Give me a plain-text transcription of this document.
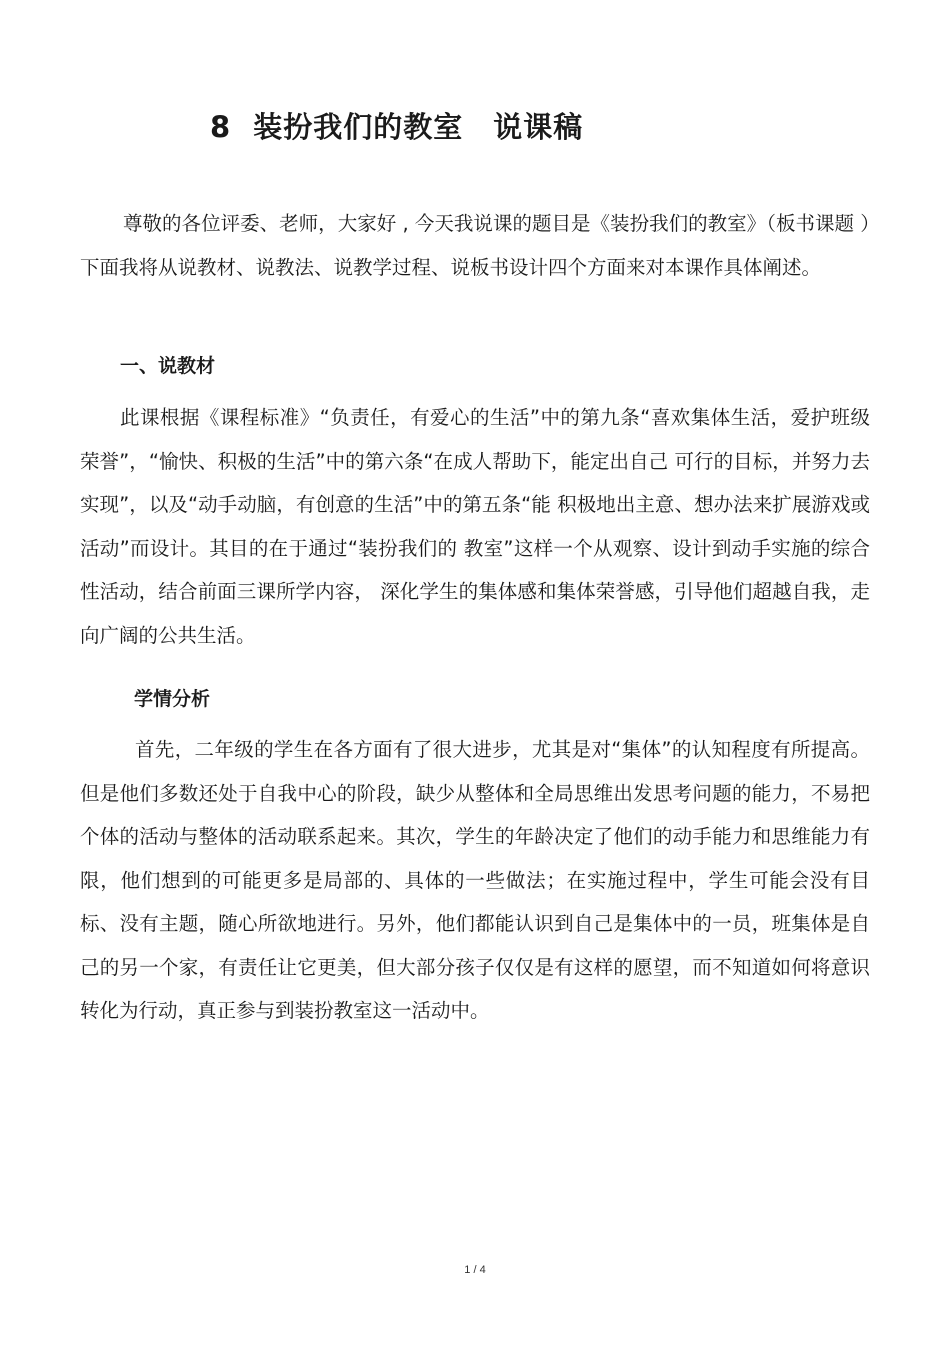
8 装扮我们的教室 说课稿

尊敬的各位评委、老师，大家好 , 今天我说课的题目是《装扮我们的教室》（板书课题 ）下面我将从说教材、说教法、说教学过程、说板书设计四个方面来对本课作具体阐述。

一、说教材

此课根据《课程标准》“负责任，有爱心的生活”中的第九条“喜欢集体生活，爱护班级荣誉”，“愉快、积极的生活”中的第六条“在成人帮助下，能定出自己 可行的目标，并努力去实现”，以及“动手动脑，有创意的生活”中的第五条“能 积极地出主意、想办法来扩展游戏或活动”而设计。其目的在于通过“装扮我们的 教室”这样一个从观察、设计到动手实施的综合性活动，结合前面三课所学内容， 深化学生的集体感和集体荣誉感，引导他们超越自我，走向广阔的公共生活。

学情分析

首先，二年级的学生在各方面有了很大进步，尤其是对“集体”的认知程度有所提高。但是他们多数还处于自我中心的阶段，缺少从整体和全局思维出发思考问题的能力，不易把个体的活动与整体的活动联系起来。其次，学生的年龄决定了他们的动手能力和思维能力有限，他们想到的可能更多是局部的、具体的一些做法；在实施过程中，学生可能会没有目标、没有主题，随心所欲地进行。另外，他们都能认识到自己是集体中的一员，班集体是自己的另一个家，有责任让它更美，但大部分孩子仅仅是有这样的愿望，而不知道如何将意识转化为行动，真正参与到装扮教室这一活动中。

1 / 4
